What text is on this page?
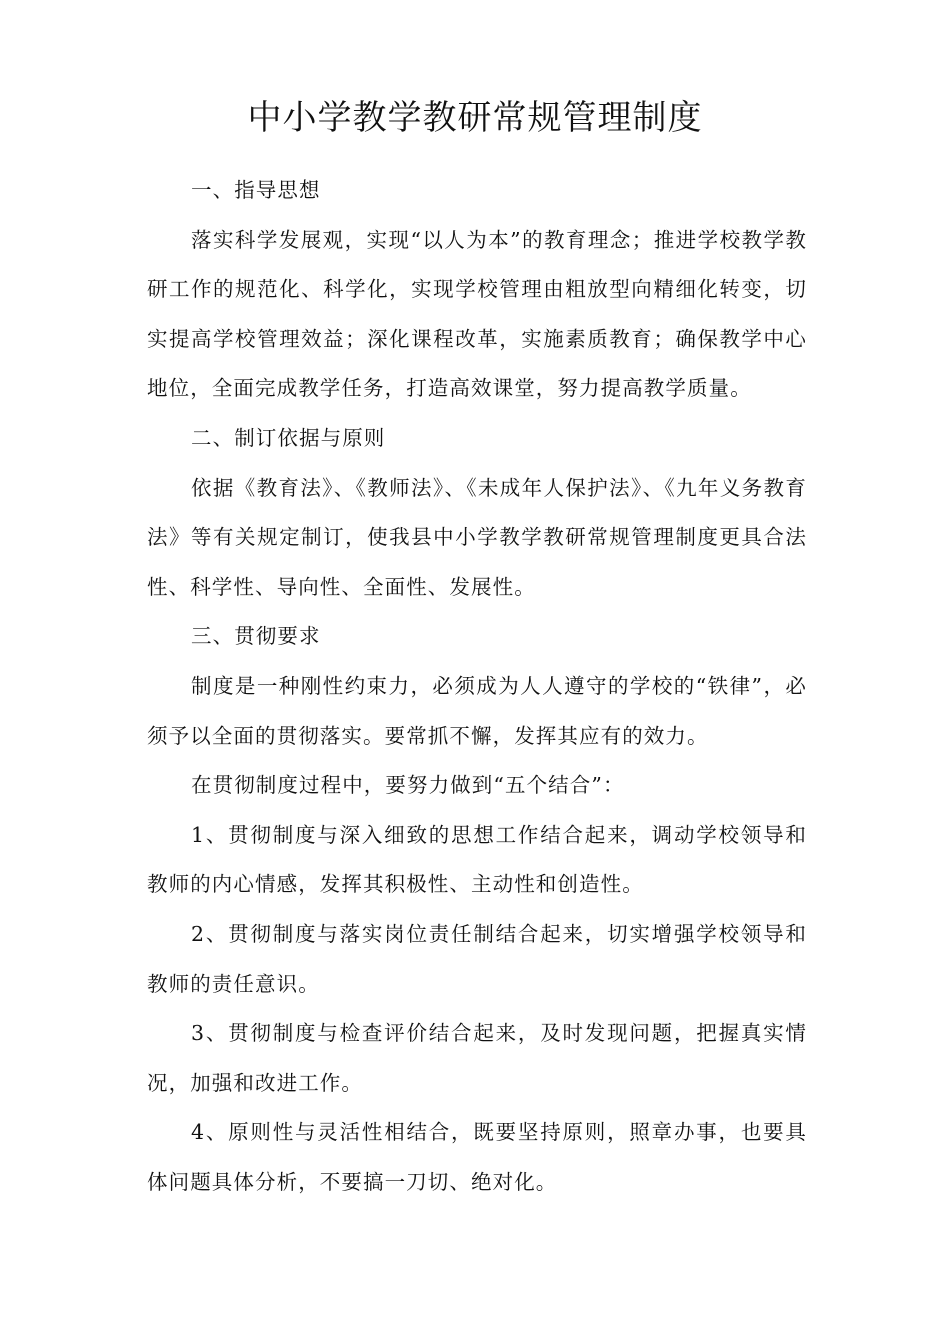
中小学教学教研常规管理制度

一、指导思想

落实科学发展观，实现“以人为本”的教育理念；推进学校教学教研工作的规范化、科学化，实现学校管理由粗放型向精细化转变，切实提高学校管理效益；深化课程改革，实施素质教育；确保教学中心地位，全面完成教学任务，打造高效课堂，努力提高教学质量。

二、制订依据与原则

依据《教育法》、《教师法》、《未成年人保护法》、《九年义务教育法》等有关规定制订，使我县中小学教学教研常规管理制度更具合法性、科学性、导向性、全面性、发展性。

三、贯彻要求

制度是一种刚性约束力，必须成为人人遵守的学校的“铁律”，必须予以全面的贯彻落实。要常抓不懈，发挥其应有的效力。

在贯彻制度过程中，要努力做到“五个结合”：

1、贯彻制度与深入细致的思想工作结合起来，调动学校领导和教师的内心情感，发挥其积极性、主动性和创造性。

2、贯彻制度与落实岗位责任制结合起来，切实增强学校领导和教师的责任意识。

3、贯彻制度与检查评价结合起来，及时发现问题，把握真实情况，加强和改进工作。

4、原则性与灵活性相结合，既要坚持原则，照章办事，也要具体问题具体分析，不要搞一刀切、绝对化。
